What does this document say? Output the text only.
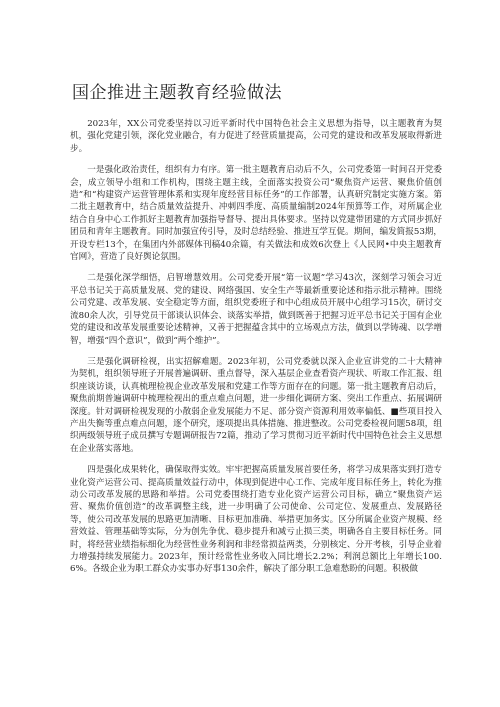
国企推进主题教育经验做法

2023年，XX公司党委坚持以习近平新时代中国特色社会主义思想为指导，以主题教育为契机，强化党建引领，深化党业融合，有力促进了经营质量提高，公司党的建设和改革发展取得新进步。

一是强化政治责任，组织有力有序。第一批主题教育启动后不久，公司党委第一时间召开党委会，成立领导小组和工作机构，围绕主题主线，全面落实投资公司“聚焦资产运营、聚焦价值创造”和“构建资产运营管理体系和实现年度经营目标任务”的工作部署，认真研究制定实施方案。第二批主题教育中，结合质量效益提升、冲刺四季度、高质量编制2024年预算等工作，对所属企业结合自身中心工作抓好主题教育加强指导督导、提出具体要求。坚持以党建带团建的方式同步抓好团员和青年主题教育。同时加强宣传引导，及时总结经验、推进互学互促。期间，编发简报53期，开设专栏13个，在集团内外部媒体刊稿40余篇，有关做法和成效6次登上《人民网•中央主题教育官网》，营造了良好舆论氛围。

二是强化深学细悟，启智增慧效用。公司党委开展“第一议题”学习43次，深刻学习领会习近平总书记关于高质量发展、党的建设、网络强国、安全生产等最新重要论述和指示批示精神。围绕公司党建、改革发展、安全稳定等方面，组织党委班子和中心组成员开展中心组学习15次，研讨交流80余人次，引导党员干部谈认识体会、谈落实举措，做到既善于把握习近平总书记关于国有企业党的建设和改革发展重要论述精神，又善于把握蕴含其中的立场观点方法，做到以学铸魂、以学增智，增强“四个意识”，做到“两个维护”。

三是强化调研检视，出实招解难题。2023年初，公司党委就以深入企业宣讲党的二十大精神为契机，组织领导班子开展普遍调研、重点督导，深入基层企业查看资产现状、听取工作汇报、组织座谈访谈，认真梳理检视企业改革发展和党建工作等方面存在的问题。第一批主题教育启动后，聚焦前期普遍调研中梳理检视出的重点难点问题，进一步细化调研方案、突出工作重点、拓展调研深度。针对调研检视发现的小散弱企业发展能力不足、部分资产资源利用效率偏低、■些项目投入产出失衡等重点难点问题，逐个研究，逐项提出具体措施、推进整改。公司党委检视问题58项，组织两级领导班子成员撰写专题调研报告72篇，推动了学习贯彻习近平新时代中国特色社会主义思想在企业落实落地。

四是强化成果转化，确保取得实效。牢牢把握高质量发展首要任务，将学习成果落实到打造专业化资产运营公司、提高质量效益行动中，体现到促进中心工作、完成年度目标任务上，转化为推动公司改革发展的思路和举措。公司党委围绕打造专业化资产运营公司目标，确立“聚焦资产运营、聚焦价值创造”的改革调整主线，进一步明确了公司使命、公司定位、发展重点、发展路径等，使公司改革发展的思路更加清晰、目标更加准确、举措更加务实。区分所属企业资产规模、经营效益、管理基础等实际，分为创先争优、稳步提升和减亏止损三类，明确各自主要目标任务。同时，将经营业绩指标细化为经营性业务利润和非经常损益两类，分别核定、分开考核，引导企业着力增强持续发展能力。2023年，预计经常性业务收入同比增长2.2%；利润总额比上年增长100.6%。各级企业为职工群众办实事办好事130余件，解决了部分职工急难愁盼的问题。积极做
